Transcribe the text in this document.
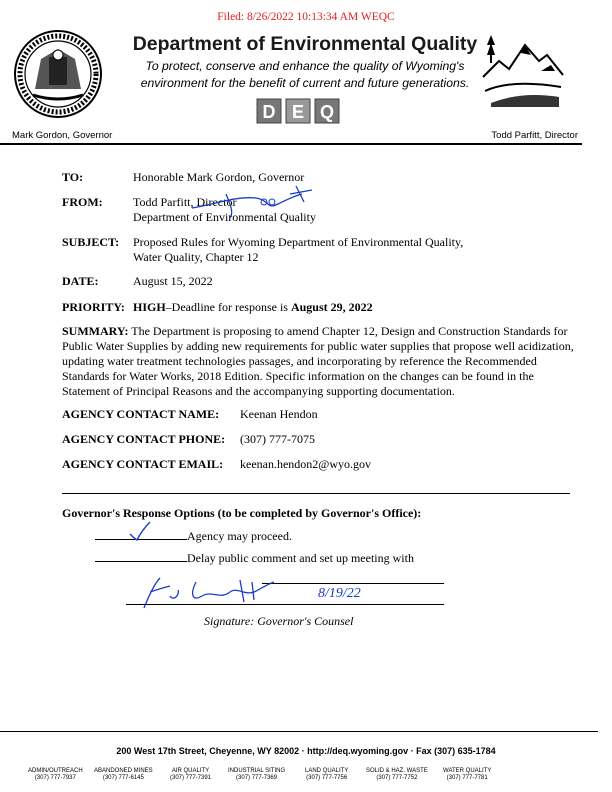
Filed: 8/26/2022 10:13:34 AM WEQC
Department of Environmental Quality
To protect, conserve and enhance the quality of Wyoming's
environment for the benefit of current and future generations.
D E Q
Mark Gordon, Governor	Todd Parfitt, Director
TO:	Honorable Mark Gordon, Governor
FROM:	Todd Parfitt, Director
Department of Environmental Quality
SUBJECT: Proposed Rules for Wyoming Department of Environmental Quality,
Water Quality, Chapter 12
DATE:	August 15, 2022
PRIORITY: HIGH–Deadline for response is August 29, 2022
SUMMARY: The Department is proposing to amend Chapter 12, Design and Construction Standards for Public Water Supplies by adding new requirements for public water supplies that propose well acidization, updating water treatment technologies passages, and incorporating by reference the Recommended Standards for Water Works, 2018 Edition. Specific information on the changes can be found in the Statement of Principal Reasons and the accompanying supporting documentation.
AGENCY CONTACT NAME: Keenan Hendon
AGENCY CONTACT PHONE: (307) 777-7075
AGENCY CONTACT EMAIL: keenan.hendon2@wyo.gov
Governor's Response Options (to be completed by Governor's Office):
Agency may proceed.
Delay public comment and set up meeting with
8/19/22
Signature: Governor's Counsel
200 West 17th Street, Cheyenne, WY 82002 · http://deq.wyoming.gov · Fax (307) 635-1784
ADMIN/OUTREACH
(307) 777-7937
ABANDONED MINES
(307) 777-6145
AIR QUALITY
(307) 777-7391
INDUSTRIAL SITING
(307) 777-7369
LAND QUALITY
(307) 777-7756
SOLID & HAZ. WASTE
(307) 777-7752
WATER QUALITY
(307) 777-7781
